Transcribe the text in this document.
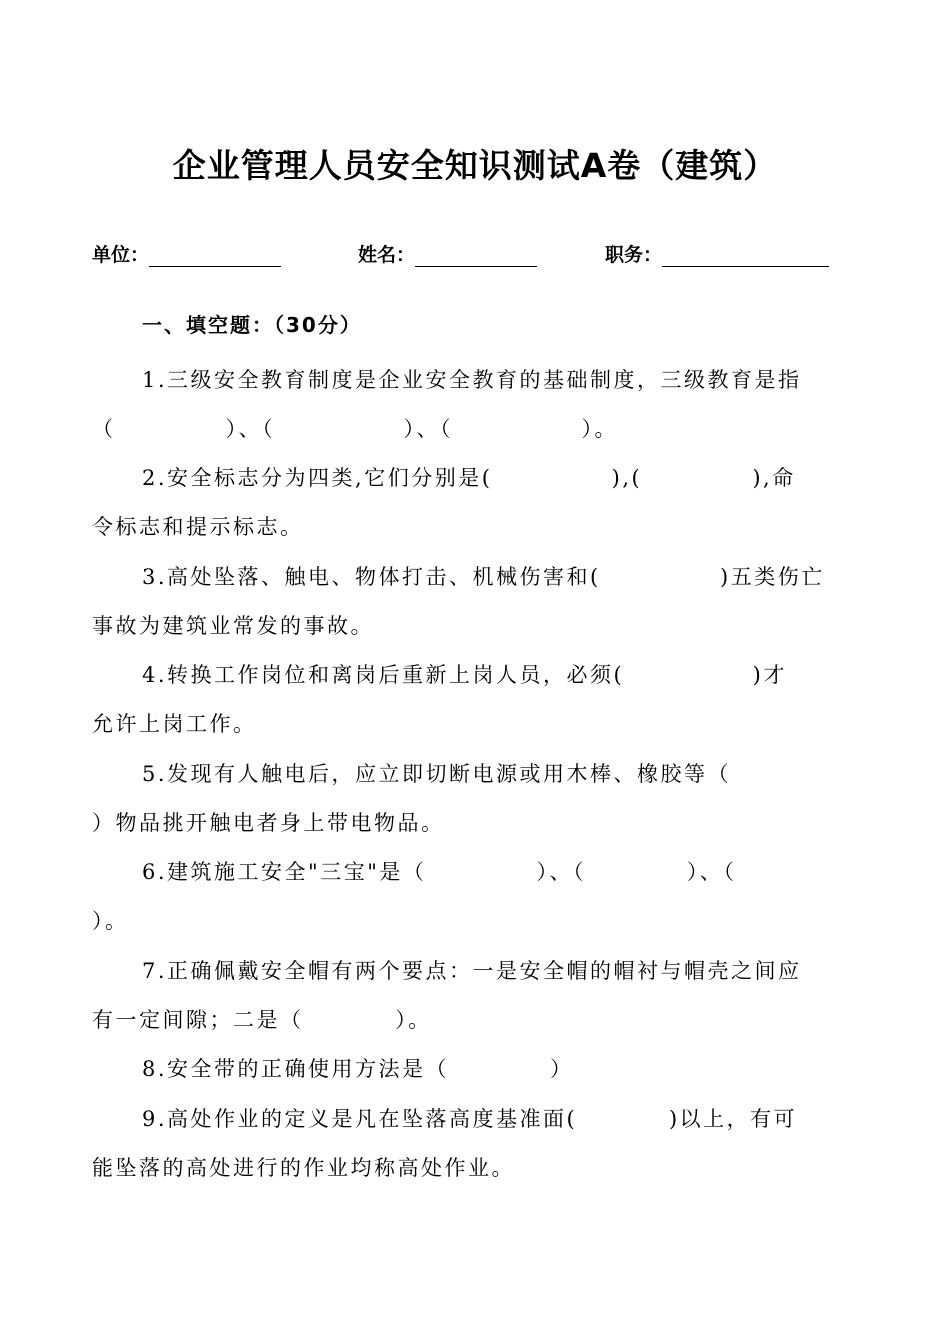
企业管理人员安全知识测试A卷（建筑）
单位：	姓名：	职务：
一、填空题：（30分）
1.三级安全教育制度是企业安全教育的基础制度，三级教育是指
（            ）、（              ）、（              ）。
2.安全标志分为四类,它们分别是(             ),(            ),命
令标志和提示标志。
3.高处坠落、触电、物体打击、机械伤害和(             )五类伤亡
事故为建筑业常发的事故。
4.转换工作岗位和离岗后重新上岗人员，必须(              )才
允许上岗工作。
5.发现有人触电后，应立即切断电源或用木棒、橡胶等（
）物品挑开触电者身上带电物品。
6.建筑施工安全"三宝"是（            ）、（           ）、（
）。
7.正确佩戴安全帽有两个要点：一是安全帽的帽衬与帽壳之间应
有一定间隙；二是（          ）。
8.安全带的正确使用方法是（           ）
9.高处作业的定义是凡在坠落高度基准面(          )以上，有可
能坠落的高处进行的作业均称高处作业。
